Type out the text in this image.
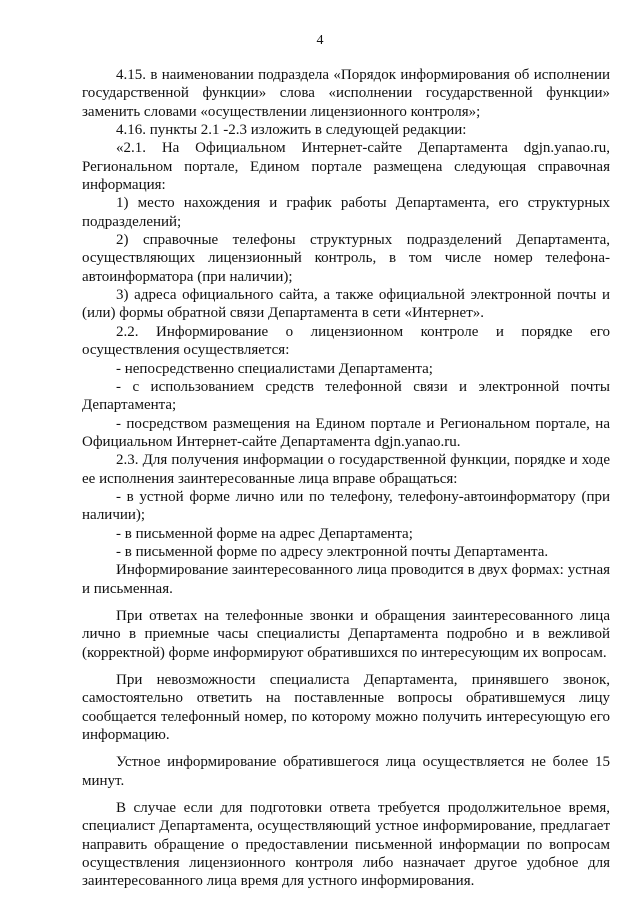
4

4.15. в наименовании подраздела «Порядок информирования об исполнении государственной функции» слова «исполнении государственной функции» заменить словами «осуществлении лицензионного контроля»;

4.16. пункты 2.1 -2.3 изложить в следующей редакции:

«2.1. На Официальном Интернет-сайте Департамента dgjn.yanao.ru, Региональном портале, Едином портале размещена следующая справочная информация:

1) место нахождения и график работы Департамента, его структурных подразделений;

2) справочные телефоны структурных подразделений Департамента, осуществляющих лицензионный контроль, в том числе номер телефона-автоинформатора (при наличии);

3) адреса официального сайта, а также официальной электронной почты и (или) формы обратной связи Департамента в сети «Интернет».

2.2. Информирование о лицензионном контроле и порядке его осуществления осуществляется:

- непосредственно специалистами Департамента;

- с использованием средств телефонной связи и электронной почты Департамента;

- посредством размещения на Едином портале и Региональном портале, на Официальном Интернет-сайте Департамента dgjn.yanao.ru.

2.3. Для получения информации о государственной функции, порядке и ходе ее исполнения заинтересованные лица вправе обращаться:

- в устной форме лично или по телефону, телефону-автоинформатору (при наличии);

- в письменной форме на адрес Департамента;

- в письменной форме по адресу электронной почты Департамента.

Информирование заинтересованного лица проводится в двух формах: устная и письменная.

При ответах на телефонные звонки и обращения заинтересованного лица лично в приемные часы специалисты Департамента подробно и в вежливой (корректной) форме информируют обратившихся по интересующим их вопросам.

При невозможности специалиста Департамента, принявшего звонок, самостоятельно ответить на поставленные вопросы обратившемуся лицу сообщается телефонный номер, по которому можно получить интересующую его информацию.

Устное информирование обратившегося лица осуществляется не более 15 минут.

В случае если для подготовки ответа требуется продолжительное время, специалист Департамента, осуществляющий устное информирование, предлагает направить обращение о предоставлении письменной информации по вопросам осуществления лицензионного контроля либо назначает другое удобное для заинтересованного лица время для устного информирования.
